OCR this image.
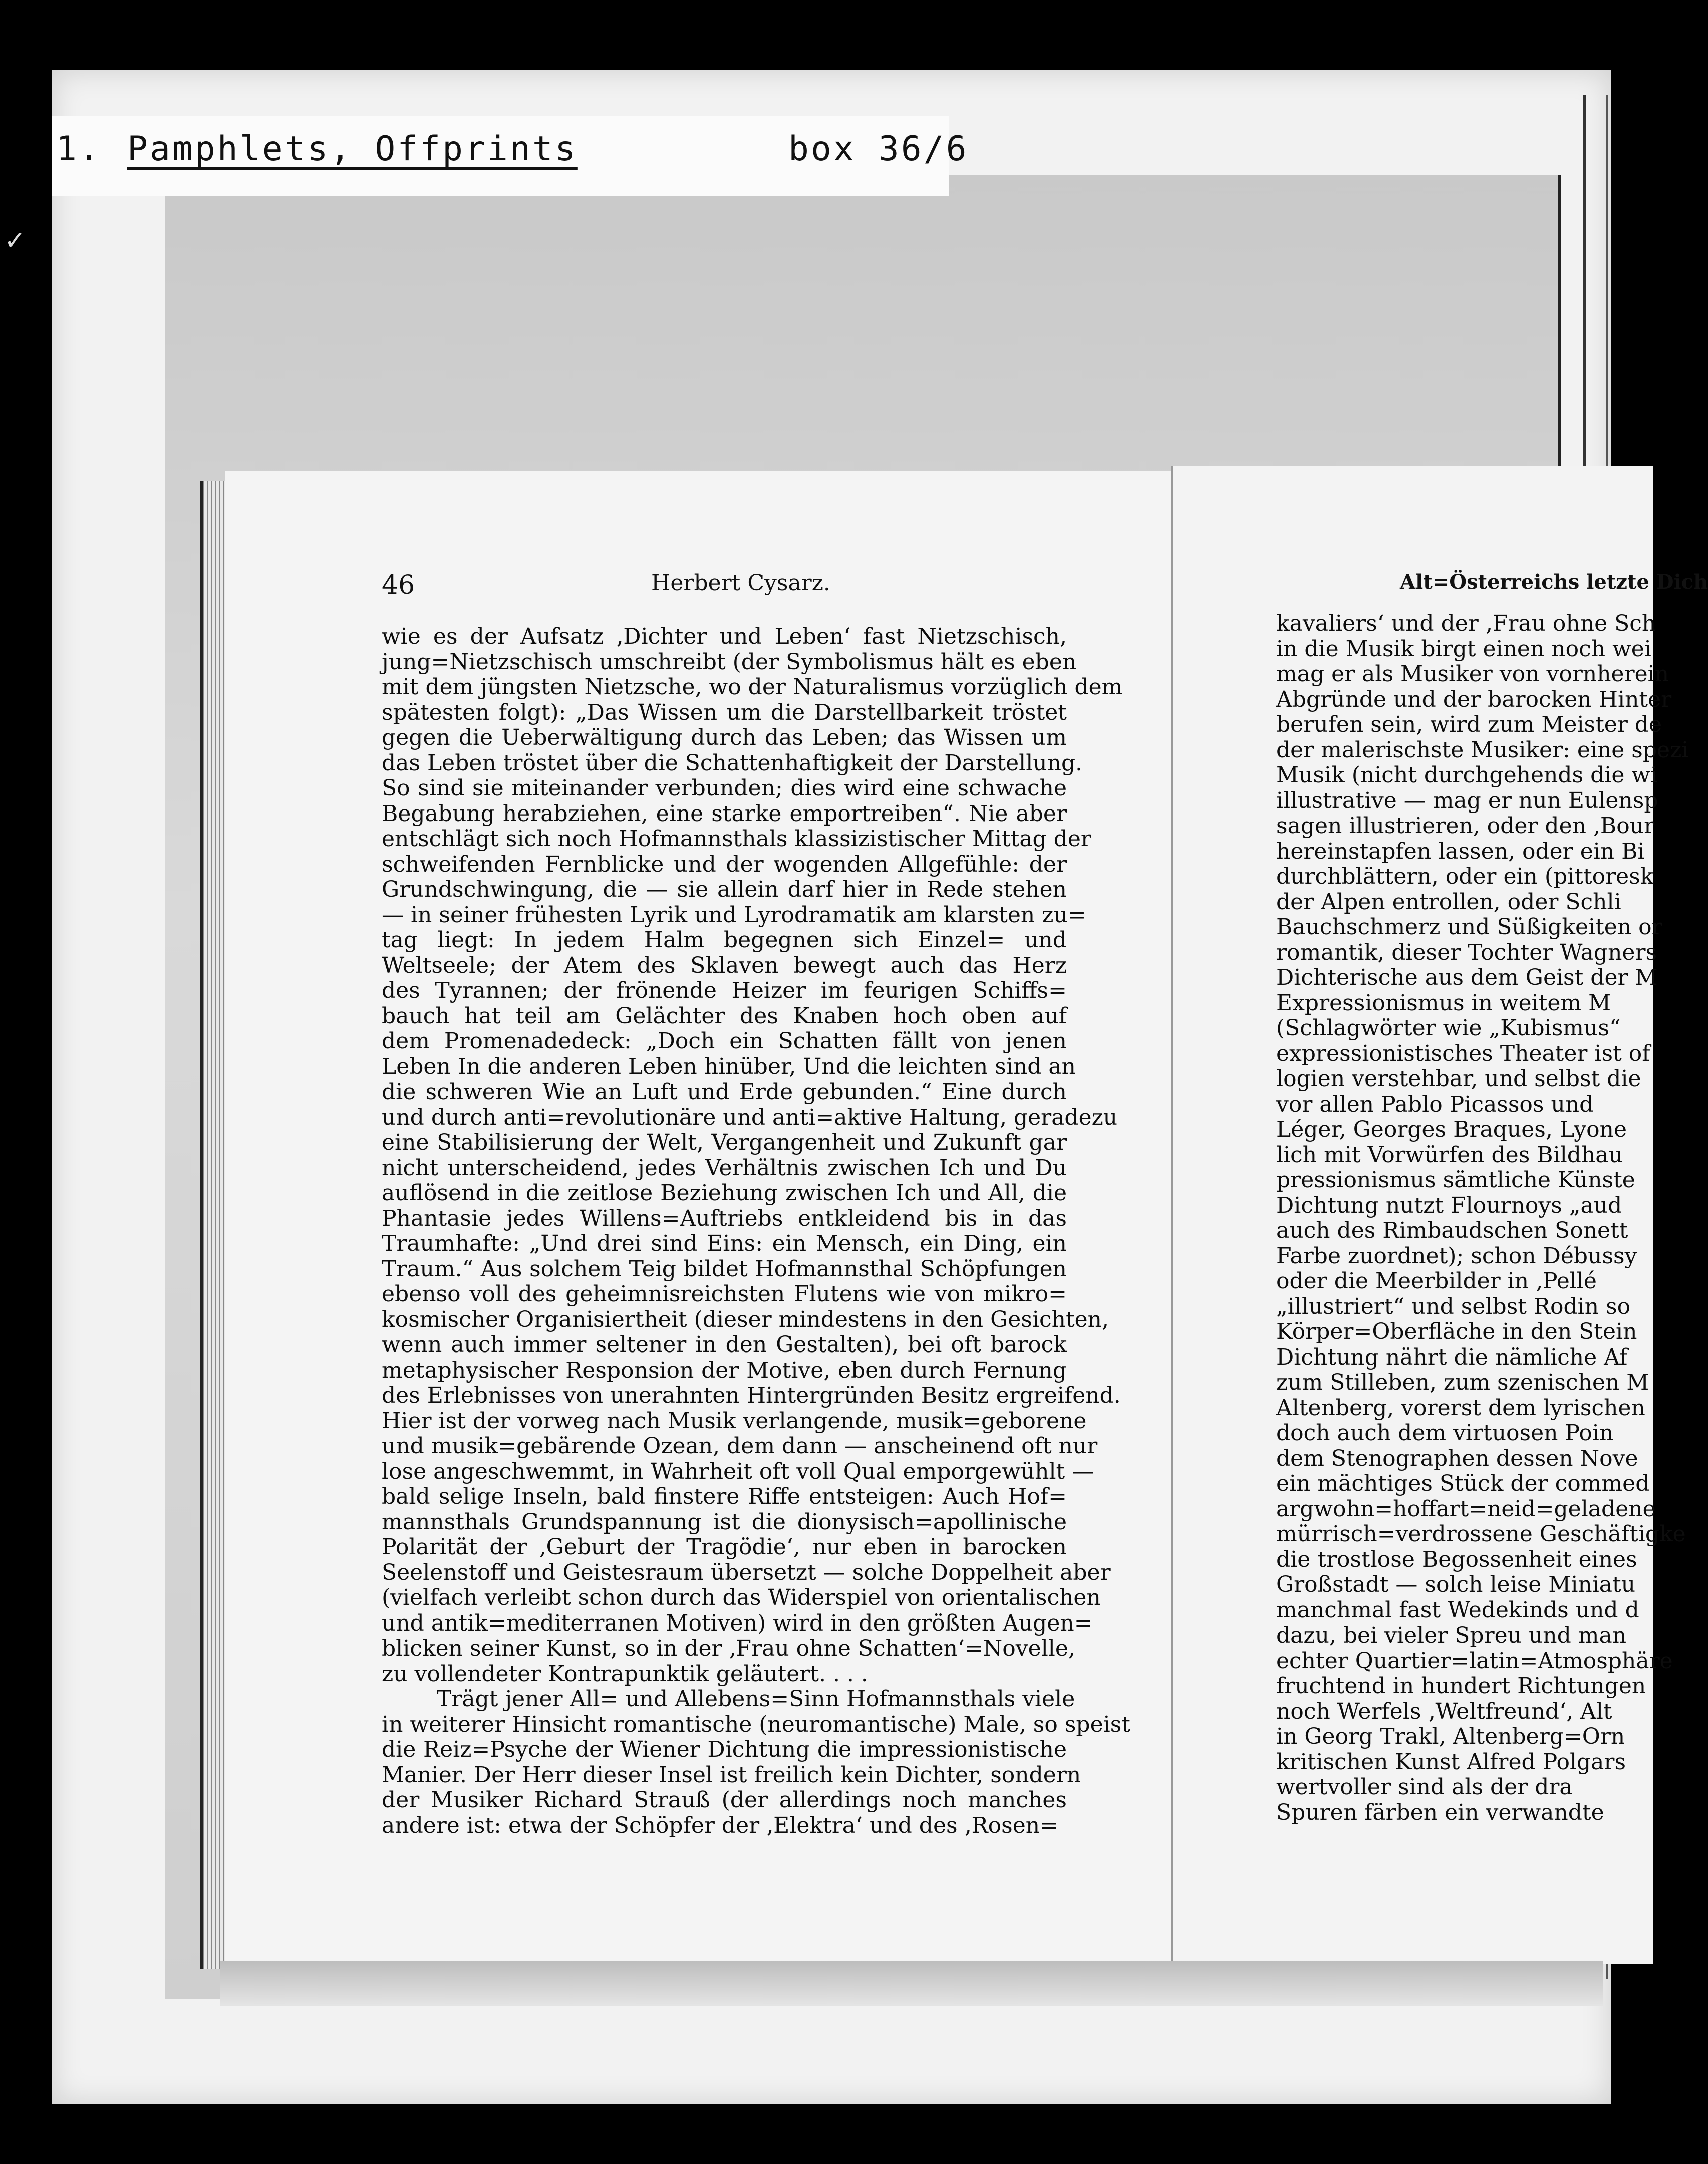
1. Pamphlets, Offprints	box 36/6
✓
46	Herbert Cysarz.	Alt=Österreichs letzte Dich
wie es der Aufsatz ‚Dichter und Leben‘ fast Nietzschisch,
jung=Nietzschisch umschreibt (der Symbolismus hält es eben
mit dem jüngsten Nietzsche, wo der Naturalismus vorzüglich dem
spätesten folgt): „Das Wissen um die Darstellbarkeit tröstet
gegen die Ueberwältigung durch das Leben; das Wissen um
das Leben tröstet über die Schattenhaftigkeit der Darstellung.
So sind sie miteinander verbunden; dies wird eine schwache
Begabung herabziehen, eine starke emportreiben“. Nie aber
entschlägt sich noch Hofmannsthals klassizistischer Mittag der
schweifenden Fernblicke und der wogenden Allgefühle: der
Grundschwingung, die — sie allein darf hier in Rede stehen
— in seiner frühesten Lyrik und Lyrodramatik am klarsten zu=
tag liegt: In jedem Halm begegnen sich Einzel= und
Weltseele; der Atem des Sklaven bewegt auch das Herz
des Tyrannen; der frönende Heizer im feurigen Schiffs=
bauch hat teil am Gelächter des Knaben hoch oben auf
dem Promenadedeck: „Doch ein Schatten fällt von jenen
Leben In die anderen Leben hinüber, Und die leichten sind an
die schweren Wie an Luft und Erde gebunden.“ Eine durch
und durch anti=revolutionäre und anti=aktive Haltung, geradezu
eine Stabilisierung der Welt, Vergangenheit und Zukunft gar
nicht unterscheidend, jedes Verhältnis zwischen Ich und Du
auflösend in die zeitlose Beziehung zwischen Ich und All, die
Phantasie jedes Willens=Auftriebs entkleidend bis in das
Traumhafte: „Und drei sind Eins: ein Mensch, ein Ding, ein
Traum.“ Aus solchem Teig bildet Hofmannsthal Schöpfungen
ebenso voll des geheimnisreichsten Flutens wie von mikro=
kosmischer Organisiertheit (dieser mindestens in den Gesichten,
wenn auch immer seltener in den Gestalten), bei oft barock
metaphysischer Responsion der Motive, eben durch Fernung
des Erlebnisses von unerahnten Hintergründen Besitz ergreifend.
Hier ist der vorweg nach Musik verlangende, musik=geborene
und musik=gebärende Ozean, dem dann — anscheinend oft nur
lose angeschwemmt, in Wahrheit oft voll Qual emporgewühlt —
bald selige Inseln, bald finstere Riffe entsteigen: Auch Hof=
mannsthals Grundspannung ist die dionysisch=apollinische
Polarität der ‚Geburt der Tragödie‘, nur eben in barocken
Seelenstoff und Geistesraum übersetzt — solche Doppelheit aber
(vielfach verleibt schon durch das Widerspiel von orientalischen
und antik=mediterranen Motiven) wird in den größten Augen=
blicken seiner Kunst, so in der ‚Frau ohne Schatten‘=Novelle,
zu vollendeter Kontrapunktik geläutert. . . .
Trägt jener All= und Allebens=Sinn Hofmannsthals viele
in weiterer Hinsicht romantische (neuromantische) Male, so speist
die Reiz=Psyche der Wiener Dichtung die impressionistische
Manier. Der Herr dieser Insel ist freilich kein Dichter, sondern
der Musiker Richard Strauß (der allerdings noch manches
andere ist: etwa der Schöpfer der ‚Elektra‘ und des ‚Rosen=
kavaliers‘ und der ‚Frau ohne Sch
in die Musik birgt einen noch wei
mag er als Musiker von vornherein
Abgründe und der barocken Hinter
berufen sein, wird zum Meister de
der malerischste Musiker: eine spezi
Musik (nicht durchgehends die wi
illustrative — mag er nun Eulensp
sagen illustrieren, oder den ‚Bour
hereinstapfen lassen, oder ein Bi
durchblättern, oder ein (pittoresk
der Alpen entrollen, oder Schli
Bauchschmerz und Süßigkeiten or
romantik, dieser Tochter Wagners
Dichterische aus dem Geist der M
Expressionismus in weitem M
(Schlagwörter wie „Kubismus“
expressionistisches Theater ist of
logien verstehbar, und selbst die
vor allen Pablo Picassos und
Léger, Georges Braques, Lyone
lich mit Vorwürfen des Bildhau
pressionismus sämtliche Künste
Dichtung nutzt Flournoys „aud
auch des Rimbaudschen Sonett
Farbe zuordnet); schon Débussy
oder die Meerbilder in ‚Pellé
„illustriert“ und selbst Rodin so
Körper=Oberfläche in den Stein
Dichtung nährt die nämliche Af
zum Stilleben, zum szenischen M
Altenberg, vorerst dem lyrischen
doch auch dem virtuosen Poin
dem Stenographen dessen Nove
ein mächtiges Stück der commed
argwohn=hoffart=neid=geladene
mürrisch=verdrossene Geschäftigke
die trostlose Begossenheit eines
Großstadt — solch leise Miniatu
manchmal fast Wedekinds und d
dazu, bei vieler Spreu und man
echter Quartier=latin=Atmosphäre
fruchtend in hundert Richtungen
noch Werfels ‚Weltfreund‘, Alt
in Georg Trakl, Altenberg=Orn
kritischen Kunst Alfred Polgars
wertvoller sind als der dra
Spuren färben ein verwandte
